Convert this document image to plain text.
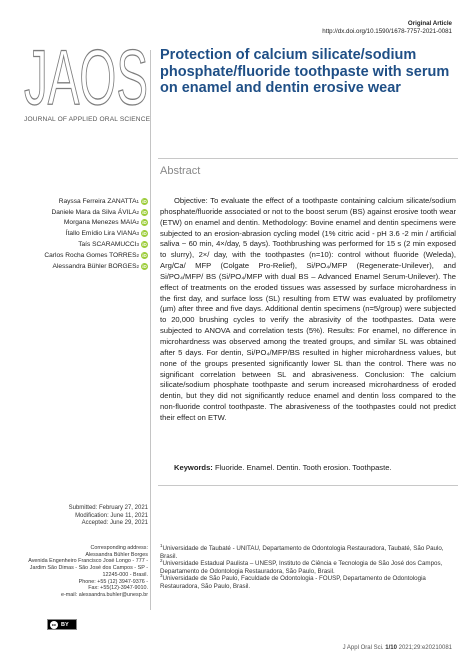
Original Article
http://dx.doi.org/10.1590/1678-7757-2021-0081
JAOS
JOURNAL OF APPLIED ORAL SCIENCE
Protection of calcium silicate/sodium phosphate/fluoride toothpaste with serum on enamel and dentin erosive wear
Abstract
Rayssa Ferreira ZANATTA 1 iD
Daniele Mara da Silva ÁVILA 2 iD
Morgana Menezes MAIA 2 iD
Ítallo Emídio Lira VIANA 3 iD
Taís SCARAMUCCI 3 iD
Carlos Rocha Gomes TORRES 2 iD
Alessandra Bühler BORGES 2 iD

Objective: To evaluate the effect of a toothpaste containing calcium silicate/sodium phosphate/fluoride associated or not to the boost serum (BS) against erosive tooth wear (ETW) on enamel and dentin. Methodology: Bovine enamel and dentin specimens were subjected to an erosion-abrasion cycling model (1% citric acid - pH 3.6 -2 min / artificial saliva ~ 60 min, 4×/day, 5 days). Toothbrushing was performed for 15 s (2 min exposed to slurry), 2×/ day, with the toothpastes (n=10): control without fluoride (Weleda), Arg/Ca/ MFP (Colgate Pro-Relief), Si/PO₄/MFP (Regenerate-Unilever), and Si/PO₄/MFP/ BS (Si/PO₄/MFP with dual BS – Advanced Enamel Serum-Unilever). The effect of treatments on the eroded tissues was assessed by surface microhardness in the first day, and surface loss (SL) resulting from ETW was evaluated by profilometry (μm) after three and five days. Additional dentin specimens (n=5/group) were subjected to 20,000 brushing cycles to verify the abrasivity of the toothpastes. Data were subjected to ANOVA and correlation tests (5%). Results: For enamel, no difference in microhardness was observed among the treated groups, and similar SL was obtained after 5 days. For dentin, Si/PO₄/MFP/BS resulted in higher microhardness values, but none of the groups presented significantly lower SL than the control. There was no significant correlation between SL and abrasiveness. Conclusion: The calcium silicate/sodium phosphate toothpaste and serum increased microhardness of eroded dentin, but they did not significantly reduce enamel and dentin loss compared to the non-fluoride control toothpaste. The abrasiveness of the toothpastes could not predict their effect on ETW.

Keywords: Fluoride. Enamel. Dentin. Tooth erosion. Toothpaste.
Submitted: February 27, 2021
Modification: June 11, 2021
Accepted: June 29, 2021
Corresponding address:
Alessandra Bühler Borges
Avenida Engenheiro Francisco José Longo - 777 -
Jardim São Dimas - São José dos Campos - SP -
12245-000 - Brasil.
Phone: +55 (12) 3947-9376 -
Fax: +55(12)-3947-9010.
e-mail: alessandra.buhler@unesp.br
$^1$Universidade de Taubaté - UNITAU, Departamento de Odontologia Restauradora, Taubaté, São Paulo, Brasil.
$^2$Universidade Estadual Paulista – UNESP, Instituto de Ciência e Tecnologia de São José dos Campos, Departamento de Odontologia Restauradora, São Paulo, Brasil.
$^3$Universidade de São Paulo, Faculdade de Odontologia - FOUSP, Departamento de Odontologia Restauradora, São Paulo, Brasil.
cc BY
J Appl Oral Sci. 1/10 2021;29:e20210081
